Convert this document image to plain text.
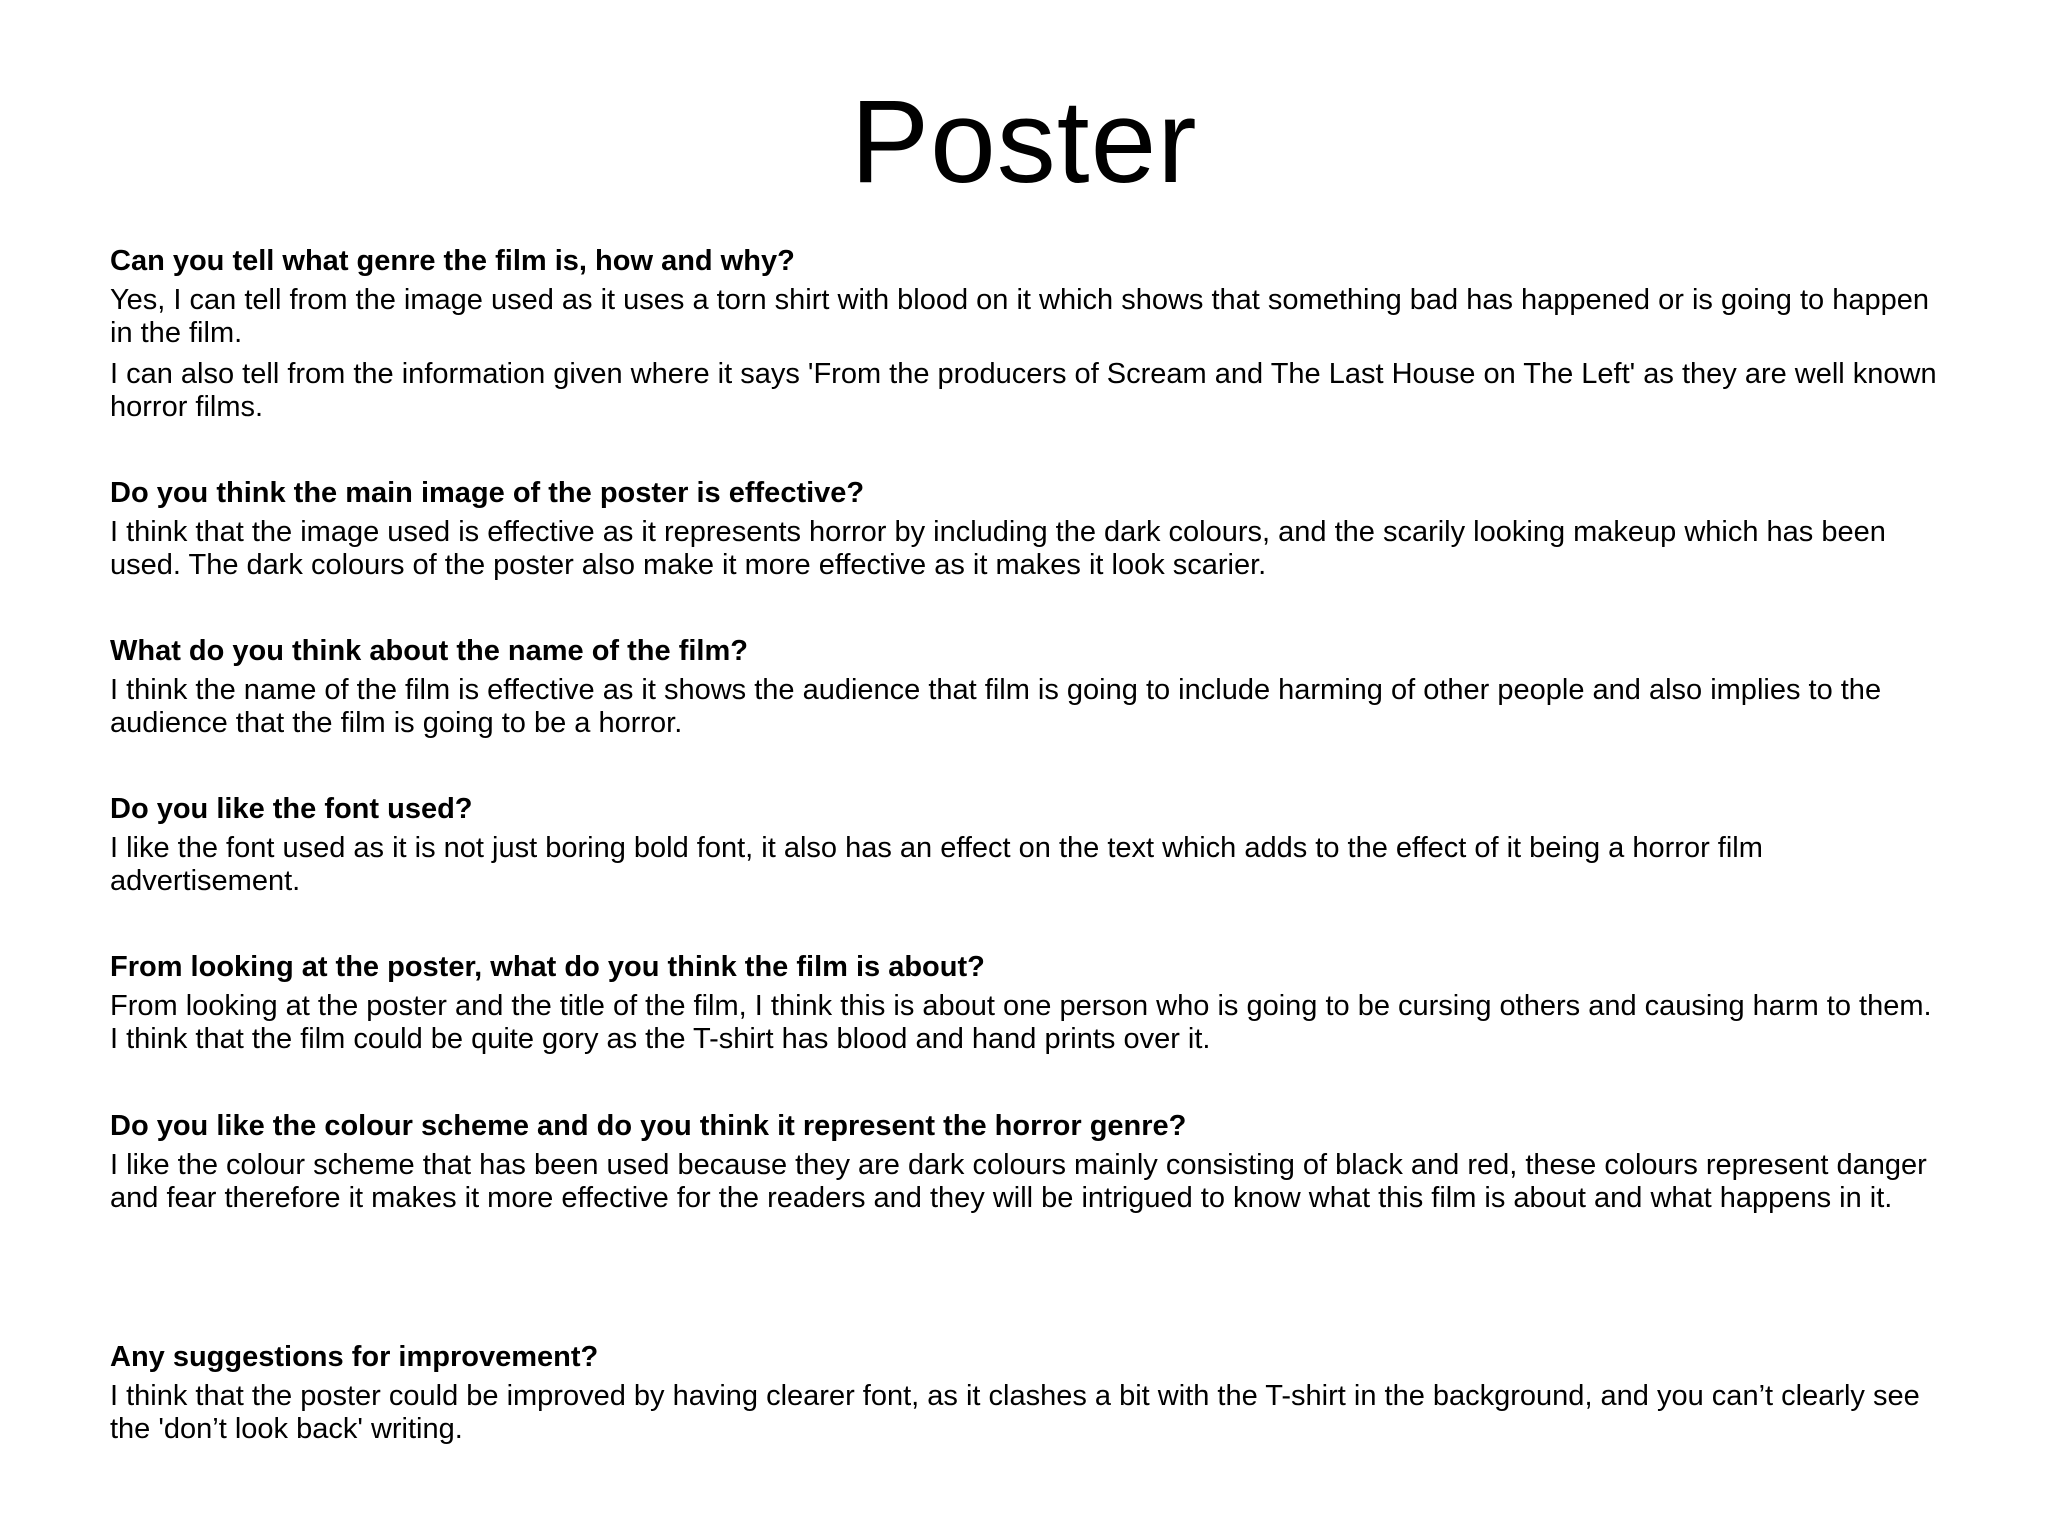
Poster

Can you tell what genre the film is, how and why?

Yes, I can tell from the image used as it uses a torn shirt with blood on it which shows that something bad has happened or is going to happen in the film.

I can also tell from the information given where it says 'From the producers of Scream and The Last House on The Left' as they are well known horror films.

Do you think the main image of the poster is effective?

I think that the image used is effective as it represents horror by including the dark colours, and the scarily looking makeup which has been used. The dark colours of the poster also make it more effective as it makes it look scarier.

What do you think about the name of the film?

I think the name of the film is effective as it shows the audience that film is going to include harming of other people and also implies to the audience that the film is going to be a horror.

Do you like the font used?

I like the font used as it is not just boring bold font, it also has an effect on the text which adds to the effect of it being a horror film advertisement.

From looking at the poster, what do you think the film is about?

From looking at the poster and the title of the film, I think this is about one person who is going to be cursing others and causing harm to them. I think that the film could be quite gory as the T-shirt has blood and hand prints over it.

Do you like the colour scheme and do you think it represent the horror genre?

I like the colour scheme that has been used because they are dark colours mainly consisting of black and red, these colours represent danger and fear therefore it makes it more effective for the readers and they will be intrigued to know what this film is about and what happens in it.

Any suggestions for improvement?

I think that the poster could be improved by having clearer font, as it clashes a bit with the T-shirt in the background, and you can’t clearly see the 'don’t look back' writing.
